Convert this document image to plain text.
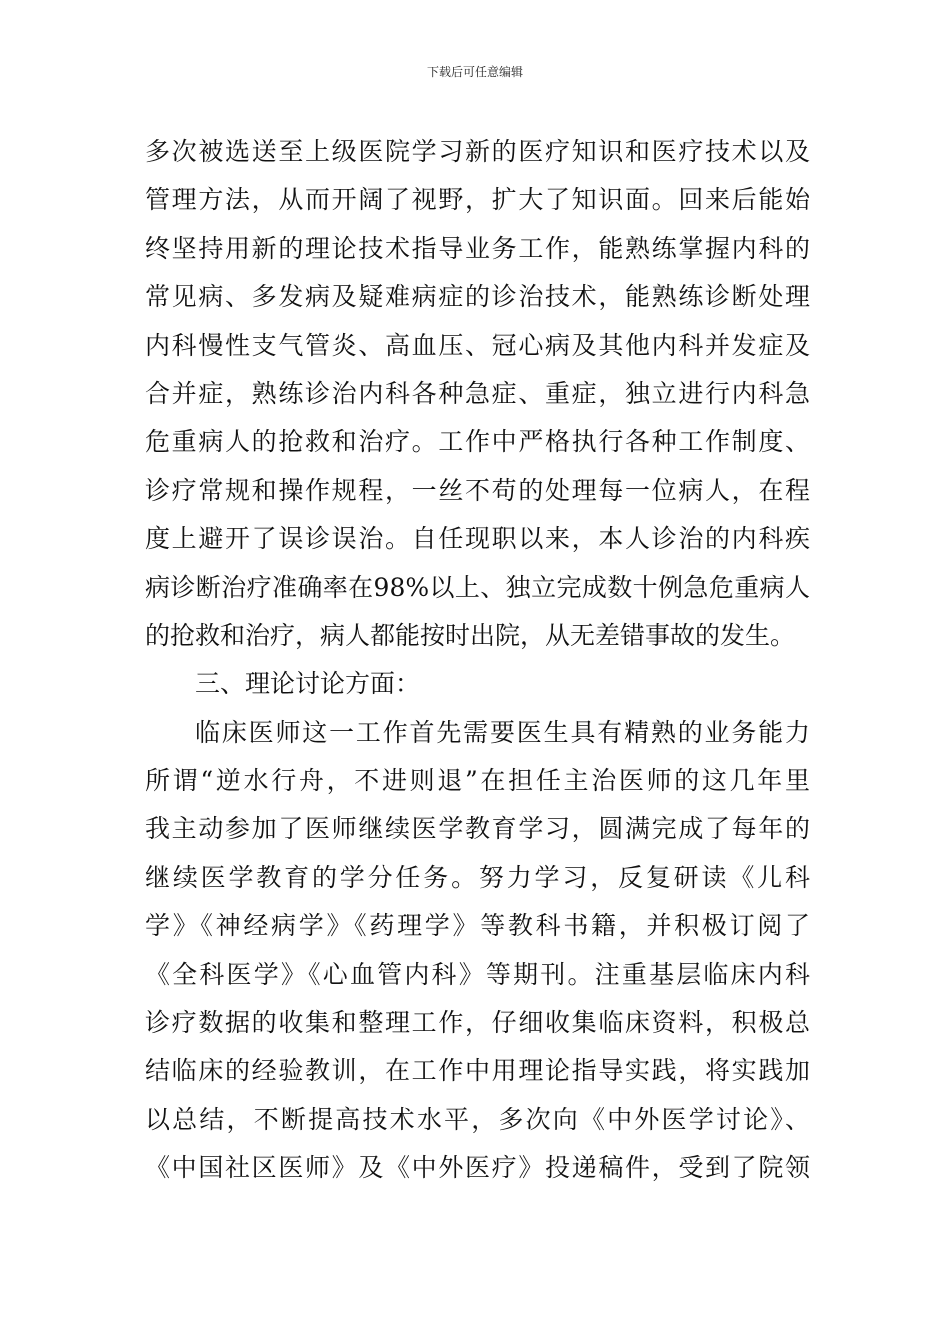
下载后可任意编辑
多次被选送至上级医院学习新的医疗知识和医疗技术以及
管理方法，从而开阔了视野，扩大了知识面。回来后能始
终坚持用新的理论技术指导业务工作，能熟练掌握内科的
常见病、多发病及疑难病症的诊治技术，能熟练诊断处理
内科慢性支气管炎、高血压、冠心病及其他内科并发症及
合并症，熟练诊治内科各种急症、重症，独立进行内科急
危重病人的抢救和治疗。工作中严格执行各种工作制度、
诊疗常规和操作规程，一丝不苟的处理每一位病人，在程
度上避开了误诊误治。自任现职以来，本人诊治的内科疾
病诊断治疗准确率在98%以上、独立完成数十例急危重病人
的抢救和治疗，病人都能按时出院，从无差错事故的发生。
三、理论讨论方面：
临床医师这一工作首先需要医生具有精熟的业务能力
所谓“逆水行舟，不进则退”在担任主治医师的这几年里
我主动参加了医师继续医学教育学习，圆满完成了每年的
继续医学教育的学分任务。努力学习，反复研读《儿科
学》《神经病学》《药理学》等教科书籍，并积极订阅了
《全科医学》《心血管内科》等期刊。注重基层临床内科
诊疗数据的收集和整理工作，仔细收集临床资料，积极总
结临床的经验教训，在工作中用理论指导实践，将实践加
以总结，不断提高技术水平，多次向《中外医学讨论》、
《中国社区医师》及《中外医疗》投递稿件，受到了院领
